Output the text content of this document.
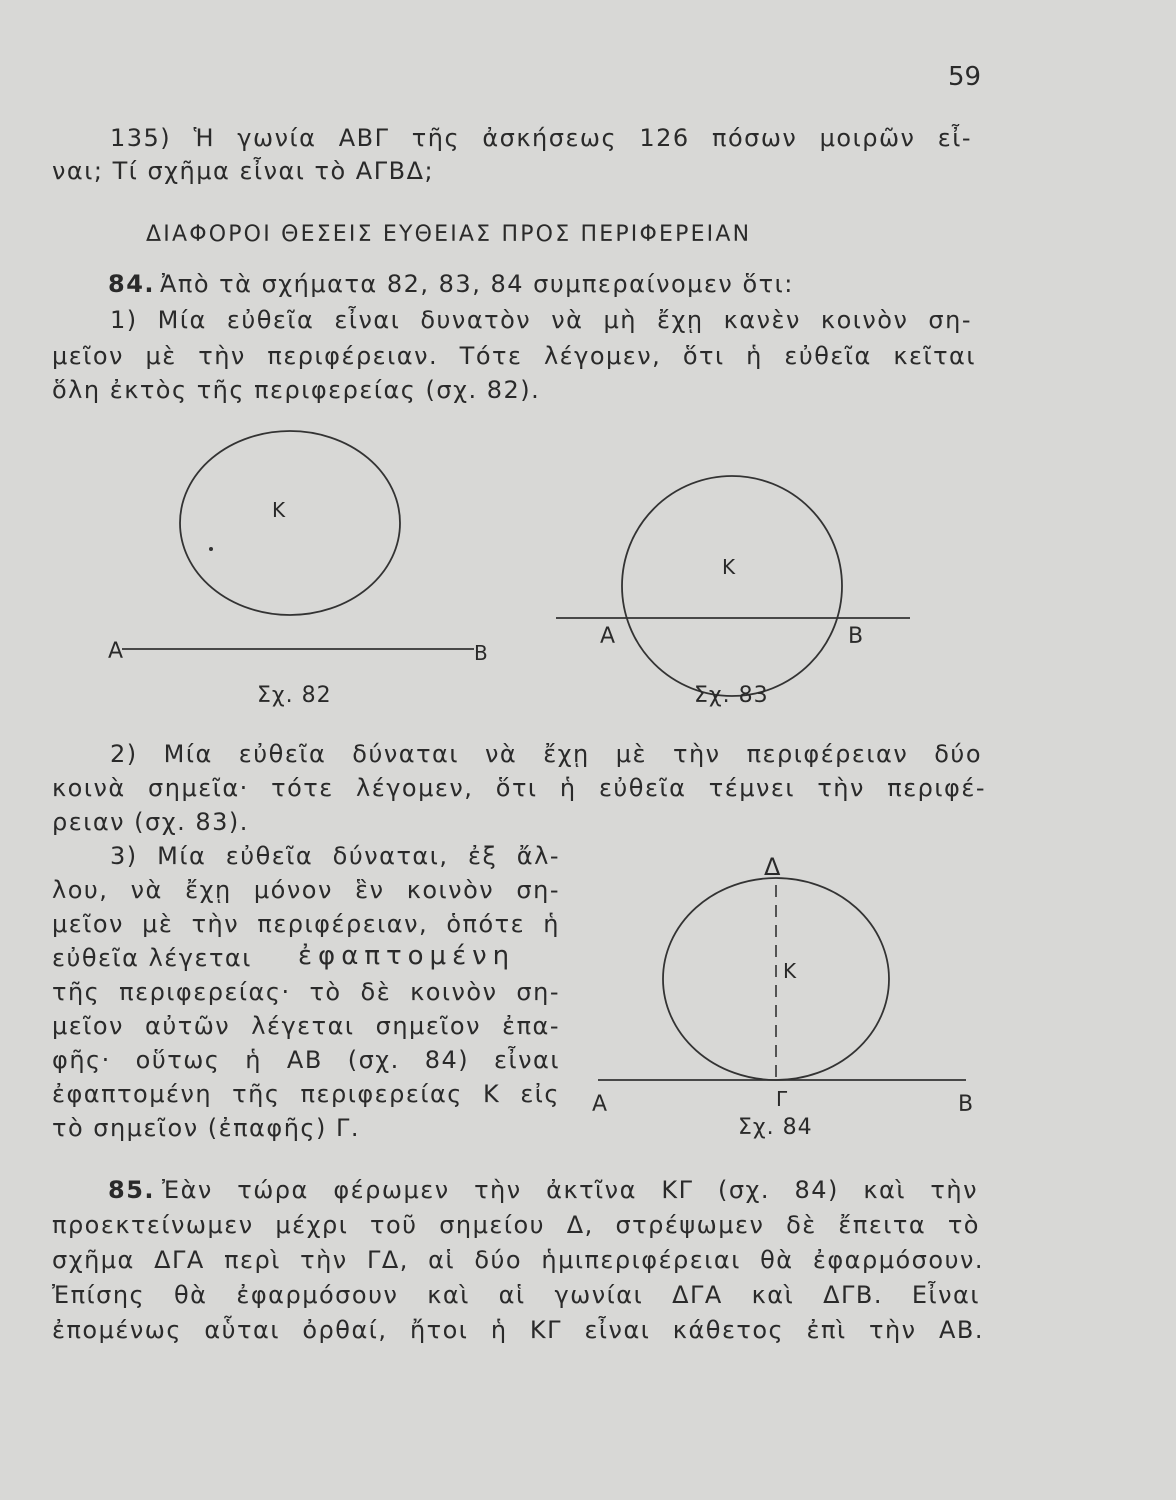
59
135) Ἡ γωνία ΑΒΓ τῆς ἀσκήσεως 126 πόσων μοιρῶν εἶ-
ναι; Τί σχῆμα εἶναι τὸ ΑΓΒΔ;
ΔΙΑΦΟΡΟΙ ΘΕΣΕΙΣ ΕΥΘΕΙΑΣ ΠΡΟΣ ΠΕΡΙΦΕΡΕΙΑΝ
84. Ἀπὸ τὰ σχήματα 82, 83, 84 συμπεραίνομεν ὅτι:
1) Μία εὐθεῖα εἶναι δυνατὸν νὰ μὴ ἔχῃ κανὲν κοινὸν ση-
μεῖον μὲ τὴν περιφέρειαν. Τότε λέγομεν, ὅτι ἡ εὐθεῖα κεῖται
ὅλη ἐκτὸς τῆς περιφερείας (σχ. 82).
Κ
Α	Β
Κ
Α	Β
Σχ. 82	Σχ. 83
2) Μία εὐθεῖα δύναται νὰ ἔχῃ μὲ τὴν περιφέρειαν δύο
κοινὰ σημεῖα· τότε λέγομεν, ὅτι ἡ εὐθεῖα τέμνει τὴν περιφέ-
ρειαν (σχ. 83).
3) Μία εὐθεῖα δύναται, ἐξ ἄλ-
λου, νὰ ἔχῃ μόνον ἓν κοινὸν ση-
μεῖον μὲ τὴν περιφέρειαν, ὁπότε ἡ
εὐθεῖα λέγεται ἐφαπτομένη
τῆς περιφερείας· τὸ δὲ κοινὸν ση-
μεῖον αὐτῶν λέγεται σημεῖον ἐπα-
φῆς· οὕτως ἡ ΑΒ (σχ. 84) εἶναι
ἐφαπτομένη τῆς περιφερείας Κ εἰς
τὸ σημεῖον (ἐπαφῆς) Γ.
Δ
Κ
Α	Γ	Β
Σχ. 84
85. Ἐὰν τώρα φέρωμεν τὴν ἀκτῖνα ΚΓ (σχ. 84) καὶ τὴν
προεκτείνωμεν μέχρι τοῦ σημείου Δ, στρέψωμεν δὲ ἔπειτα τὸ
σχῆμα ΔΓΑ περὶ τὴν ΓΔ, αἱ δύο ἡμιπεριφέρειαι θὰ ἐφαρμόσουν.
Ἐπίσης θὰ ἐφαρμόσουν καὶ αἱ γωνίαι ΔΓΑ καὶ ΔΓΒ. Εἶναι
ἐπομένως αὗται ὀρθαί, ἤτοι ἡ ΚΓ εἶναι κάθετος ἐπὶ τὴν ΑΒ.
